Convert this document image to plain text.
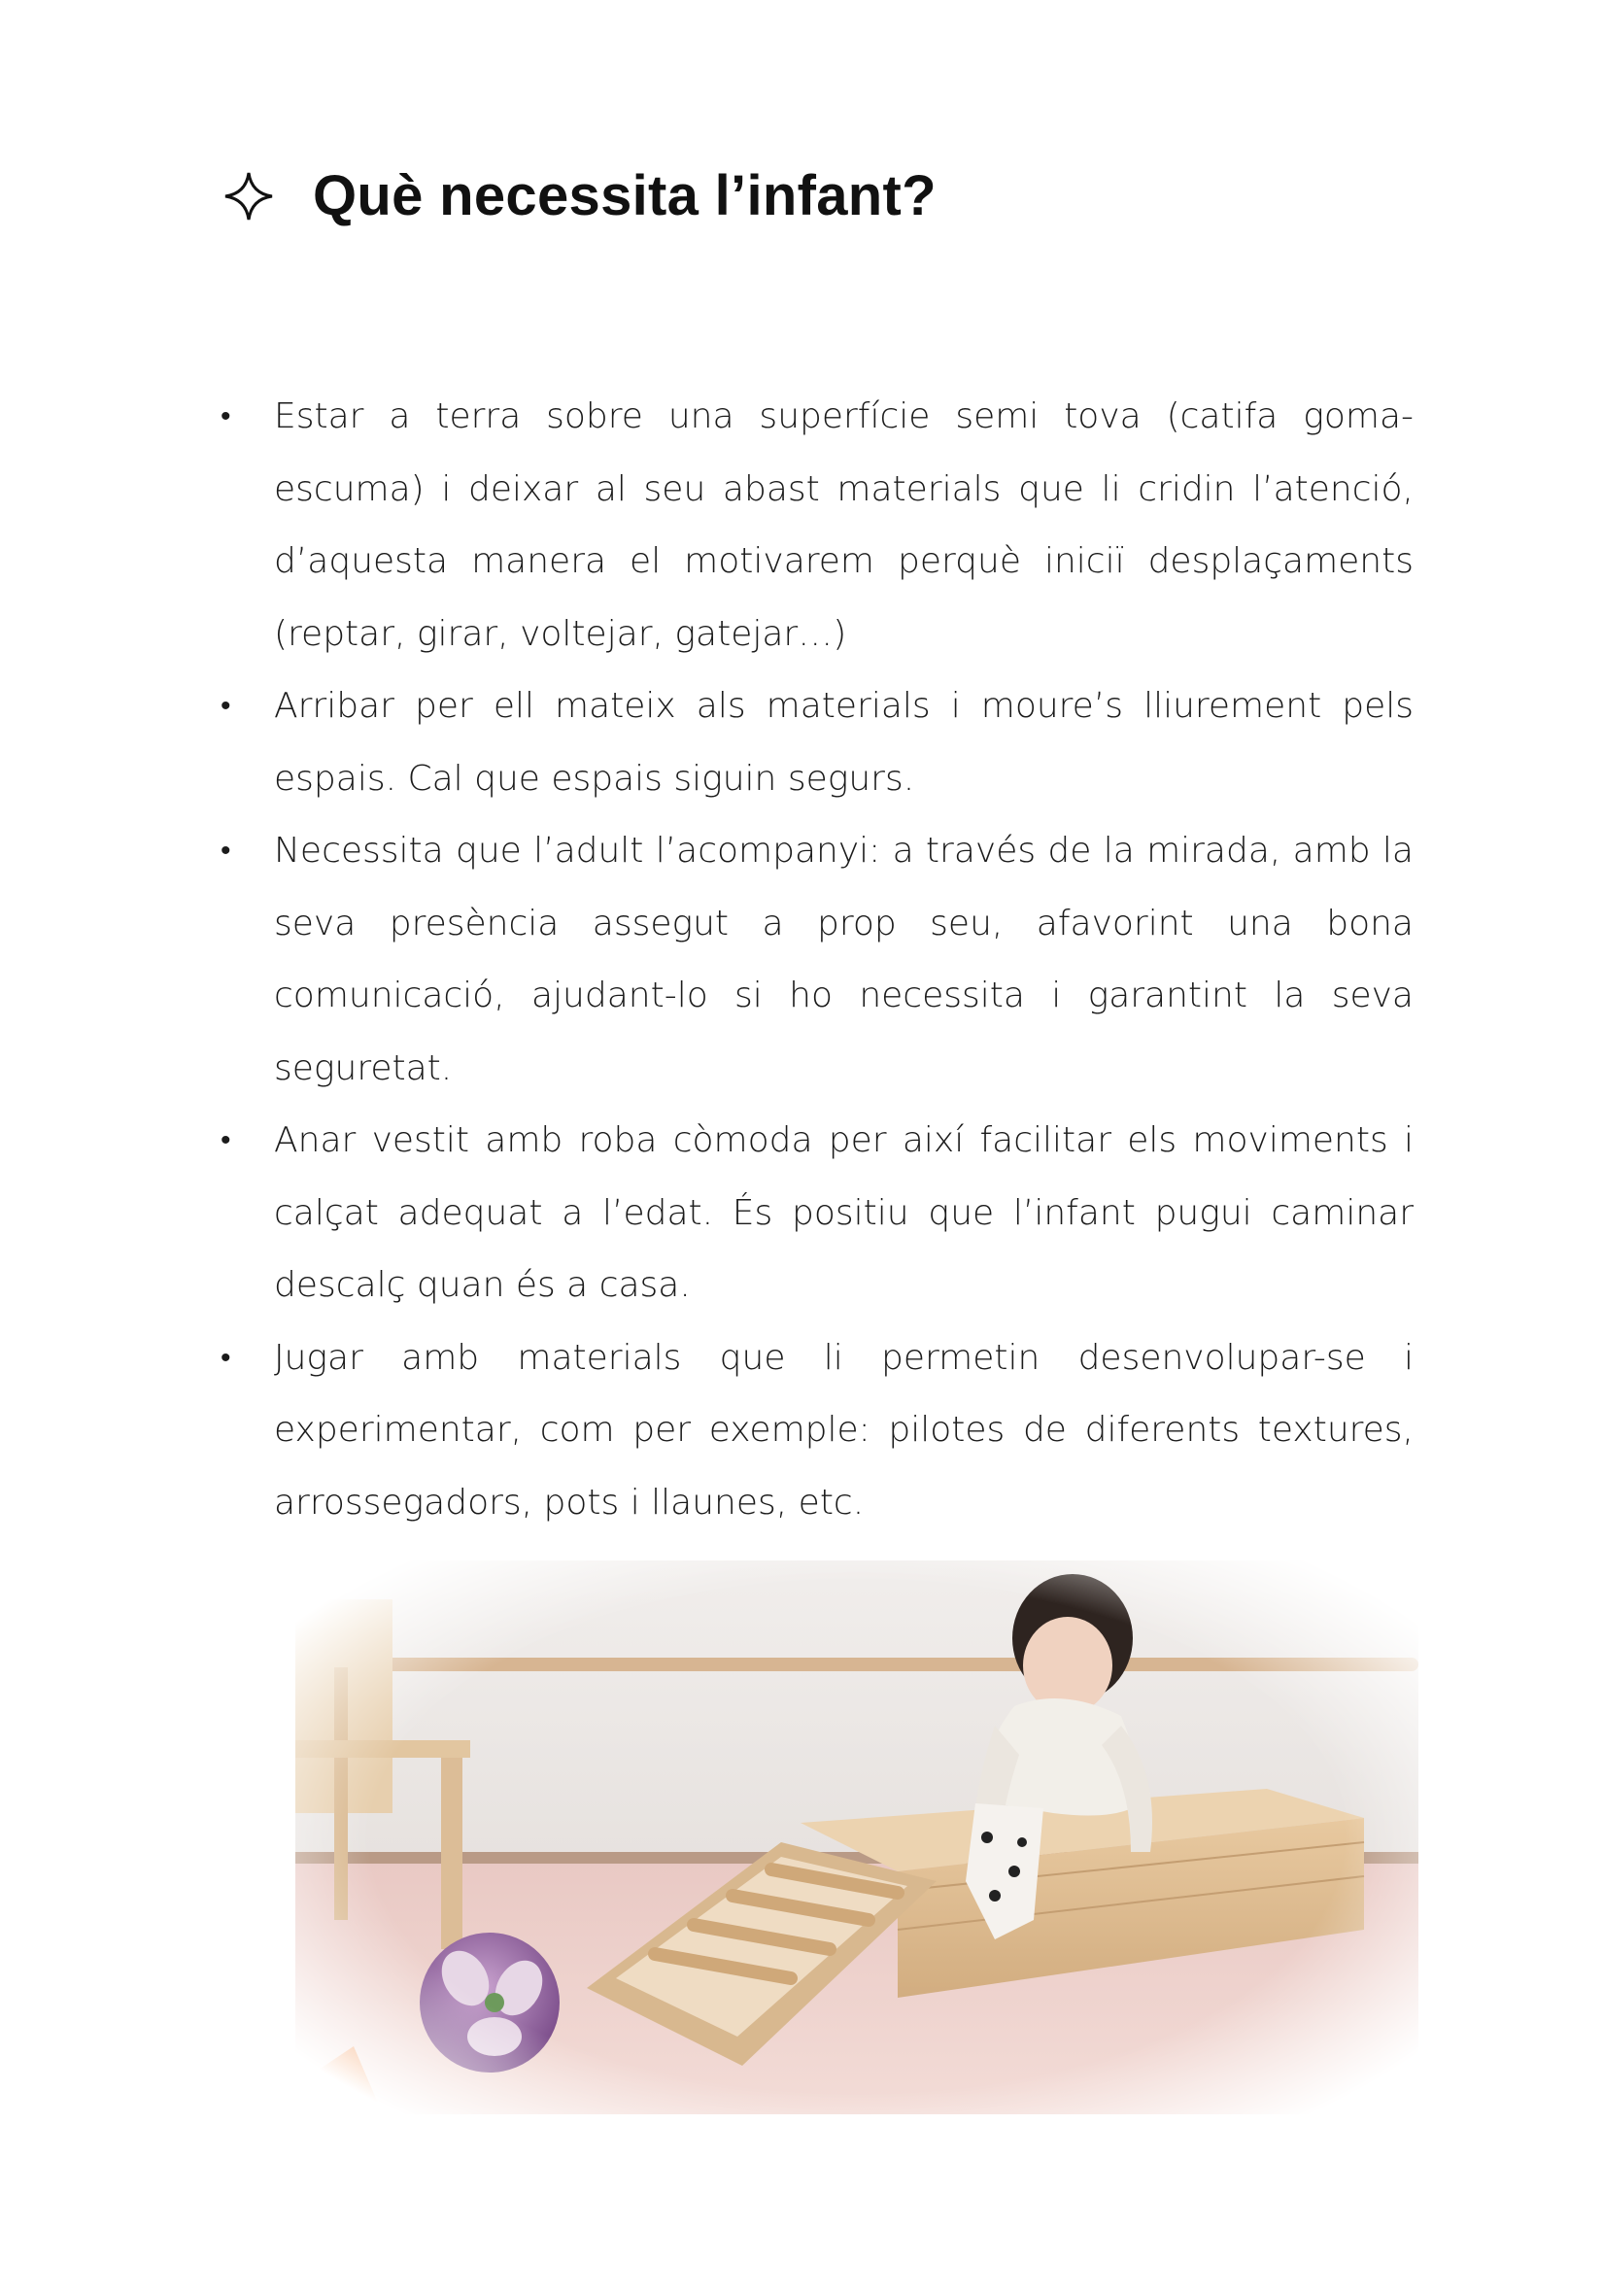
Què necessita l’infant?
• Estar a terra sobre una superfície semi tova (catifa goma-escuma) i deixar al seu abast materials que li cridin l’atenció, d’aquesta manera el motivarem perquè iniciï desplaçaments (reptar, girar, voltejar, gatejar…)
• Arribar per ell mateix als materials i moure’s lliurement pels espais. Cal que espais siguin segurs.
• Necessita que l’adult l’acompanyi: a través de la mirada, amb la seva presència assegut a prop seu, afavorint una bona comunicació, ajudant-lo si ho necessita i garantint la seva seguretat.
• Anar vestit amb roba còmoda per així facilitar els moviments i calçat adequat a l’edat. És positiu que l’infant pugui caminar descalç quan és a casa.
• Jugar amb materials que li permetin desenvolupar-se i experimentar, com per exemple: pilotes de diferents textures, arrossegadors, pots i llaunes, etc.
